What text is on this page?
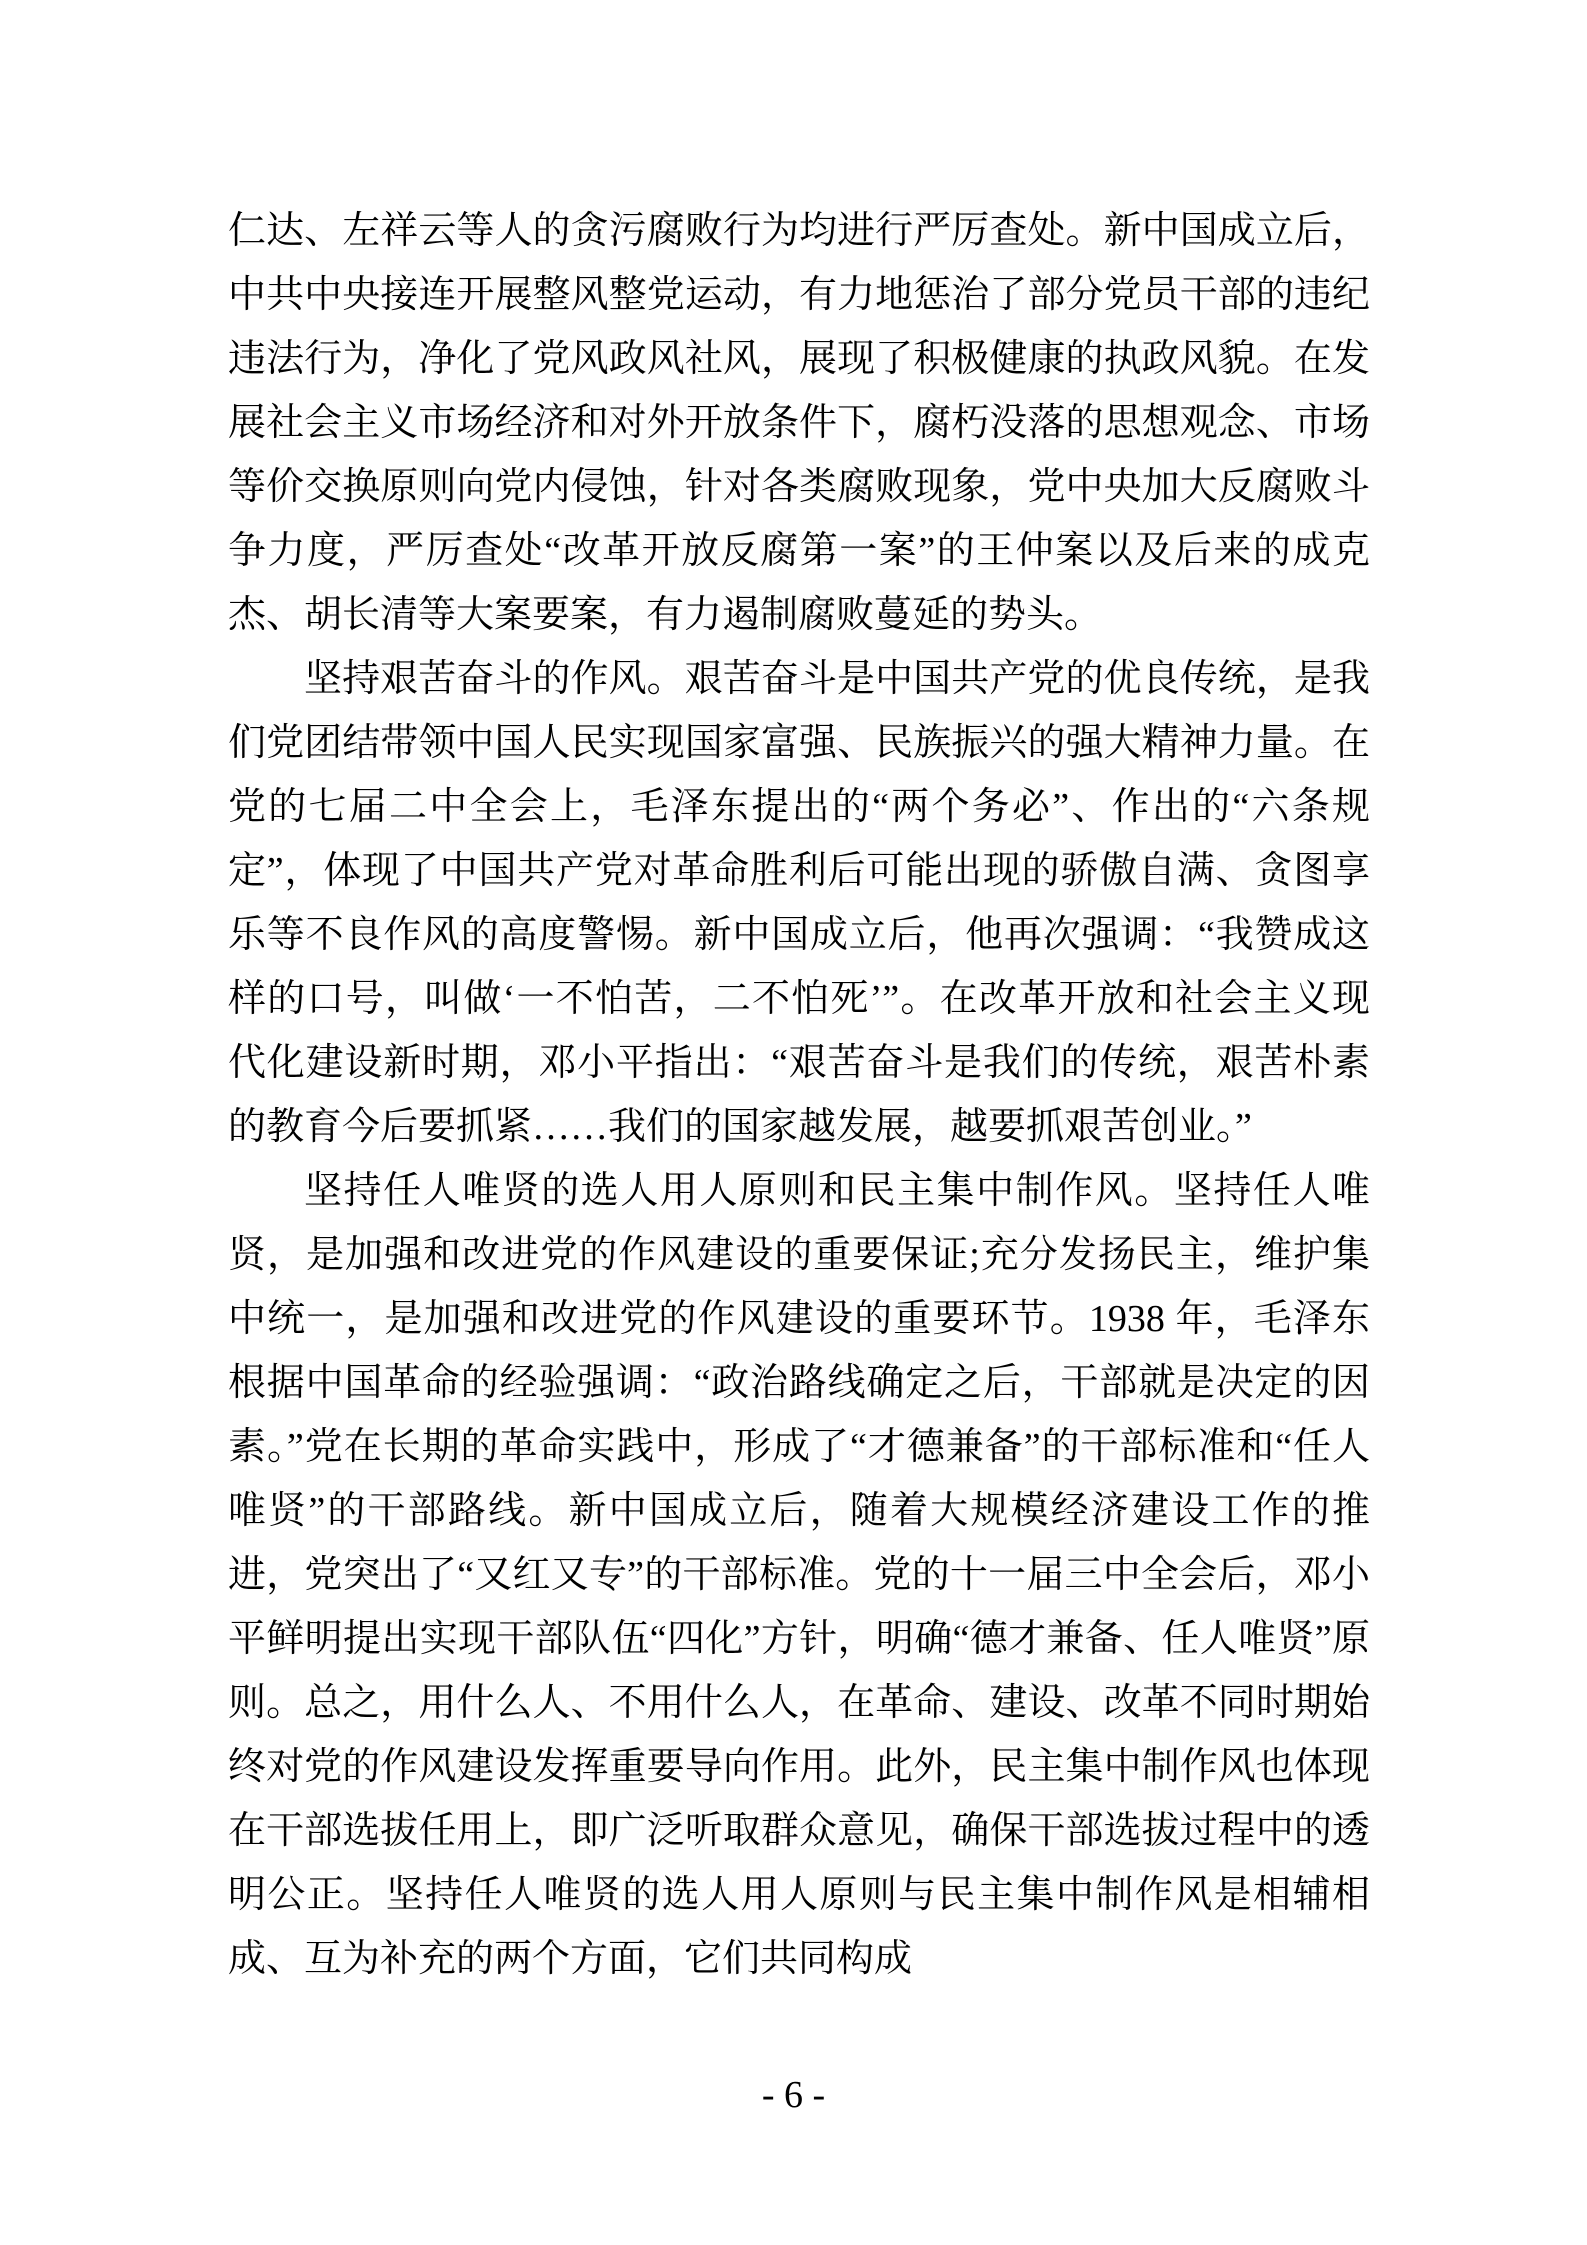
仁达、左祥云等人的贪污腐败行为均进行严厉查处。新中国成立后，中共中央接连开展整风整党运动，有力地惩治了部分党员干部的违纪违法行为，净化了党风政风社风，展现了积极健康的执政风貌。在发展社会主义市场经济和对外开放条件下，腐朽没落的思想观念、市场等价交换原则向党内侵蚀，针对各类腐败现象，党中央加大反腐败斗争力度，严厉查处“改革开放反腐第一案”的王仲案以及后来的成克杰、胡长清等大案要案，有力遏制腐败蔓延的势头。

坚持艰苦奋斗的作风。艰苦奋斗是中国共产党的优良传统，是我们党团结带领中国人民实现国家富强、民族振兴的强大精神力量。在党的七届二中全会上，毛泽东提出的“两个务必”、作出的“六条规定”，体现了中国共产党对革命胜利后可能出现的骄傲自满、贪图享乐等不良作风的高度警惕。新中国成立后，他再次强调：“我赞成这样的口号，叫做‘一不怕苦，二不怕死’”。在改革开放和社会主义现代化建设新时期，邓小平指出：“艰苦奋斗是我们的传统，艰苦朴素的教育今后要抓紧……我们的国家越发展，越要抓艰苦创业。”

坚持任人唯贤的选人用人原则和民主集中制作风。坚持任人唯贤，是加强和改进党的作风建设的重要保证;充分发扬民主，维护集中统一，是加强和改进党的作风建设的重要环节。1938 年，毛泽东根据中国革命的经验强调：“政治路线确定之后，干部就是决定的因素。”党在长期的革命实践中，形成了“才德兼备”的干部标准和“任人唯贤”的干部路线。新中国成立后，随着大规模经济建设工作的推进，党突出了“又红又专”的干部标准。党的十一届三中全会后，邓小平鲜明提出实现干部队伍“四化”方针，明确“德才兼备、任人唯贤”原则。总之，用什么人、不用什么人，在革命、建设、改革不同时期始终对党的作风建设发挥重要导向作用。此外，民主集中制作风也体现在干部选拔任用上，即广泛听取群众意见，确保干部选拔过程中的透明公正。坚持任人唯贤的选人用人原则与民主集中制作风是相辅相成、互为补充的两个方面，它们共同构成

- 6 -
